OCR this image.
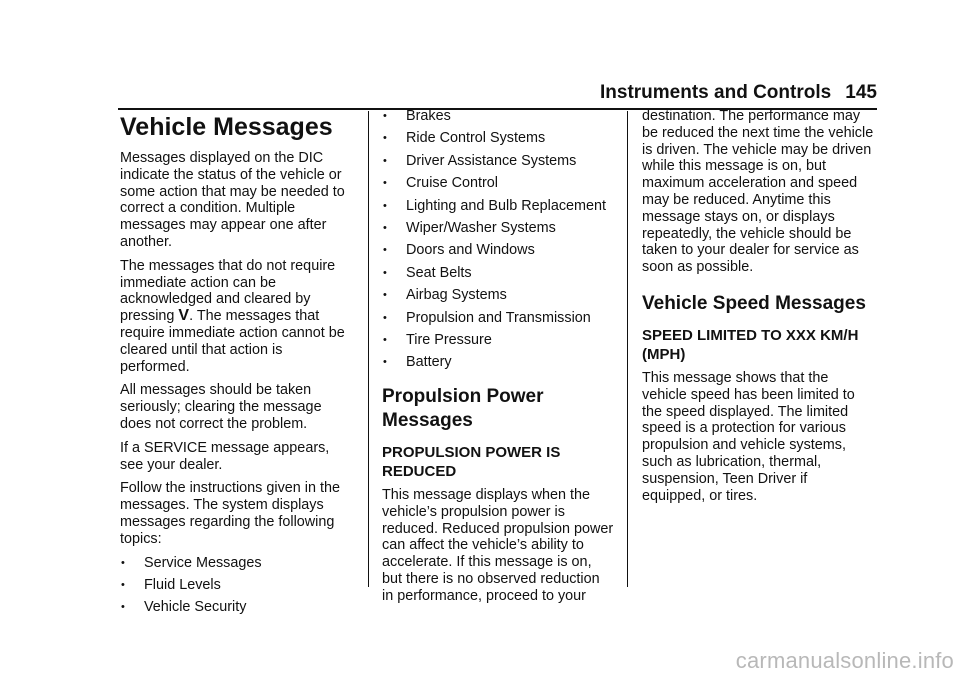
Instruments and Controls 145
Vehicle Messages

Messages displayed on the DIC indicate the status of the vehicle or some action that may be needed to correct a condition. Multiple messages may appear one after another.

The messages that do not require immediate action can be acknowledged and cleared by pressing V. The messages that require immediate action cannot be cleared until that action is performed.

All messages should be taken seriously; clearing the message does not correct the problem.

If a SERVICE message appears, see your dealer.

Follow the instructions given in the messages. The system displays messages regarding the following topics:

• Service Messages
• Fluid Levels
• Vehicle Security
• Brakes
• Ride Control Systems
• Driver Assistance Systems
• Cruise Control
• Lighting and Bulb Replacement
• Wiper/Washer Systems
• Doors and Windows
• Seat Belts
• Airbag Systems
• Propulsion and Transmission
• Tire Pressure
• Battery
Propulsion Power Messages
PROPULSION POWER IS REDUCED

This message displays when the vehicle’s propulsion power is reduced. Reduced propulsion power can affect the vehicle’s ability to accelerate. If this message is on, but there is no observed reduction in performance, proceed to your

destination. The performance may be reduced the next time the vehicle is driven. The vehicle may be driven while this message is on, but maximum acceleration and speed may be reduced. Anytime this message stays on, or displays repeatedly, the vehicle should be taken to your dealer for service as soon as possible.

Vehicle Speed Messages
SPEED LIMITED TO XXX KM/H (MPH)

This message shows that the vehicle speed has been limited to the speed displayed. The limited speed is a protection for various propulsion and vehicle systems, such as lubrication, thermal, suspension, Teen Driver if equipped, or tires.

carmanualsonline.info
